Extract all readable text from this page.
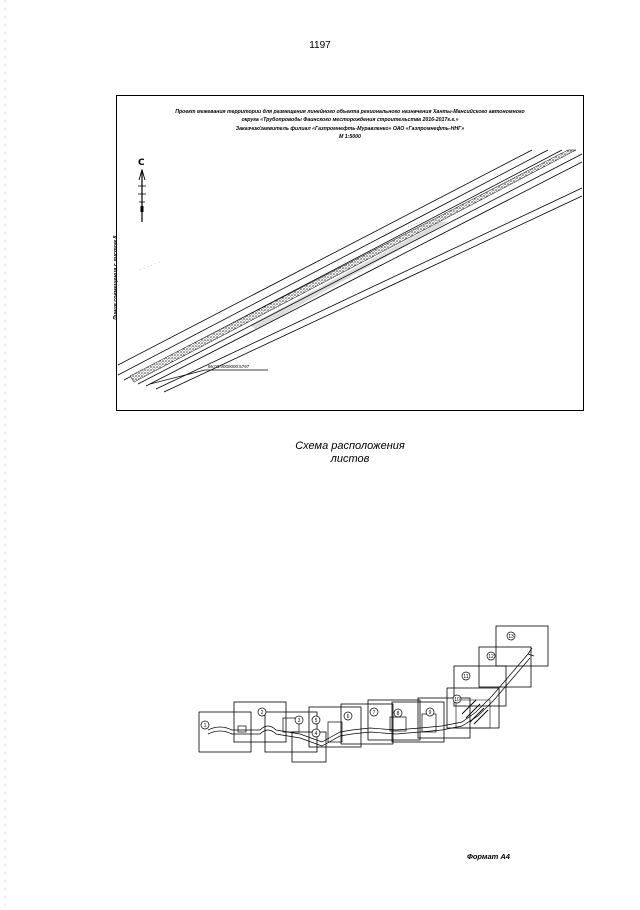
1197
Проект межевания территории для размещения линейного объекта регионального назначения Ханты-Мансийского автономного
округа «Трубопроводы Фаинского месторождения строительства 2016-2017г.г.»
Заказчик/заявитель филиал «Газпромнефть-Муравленко» ОАО «Газпромнефть-ННГ»
М 1:5000
Линия совмещения с листом 8
С
86:03:0000000:5797
1
2
3
4
5
6
7	8	9
10
11
12
13
Схема расположения
листов
Формат А4
